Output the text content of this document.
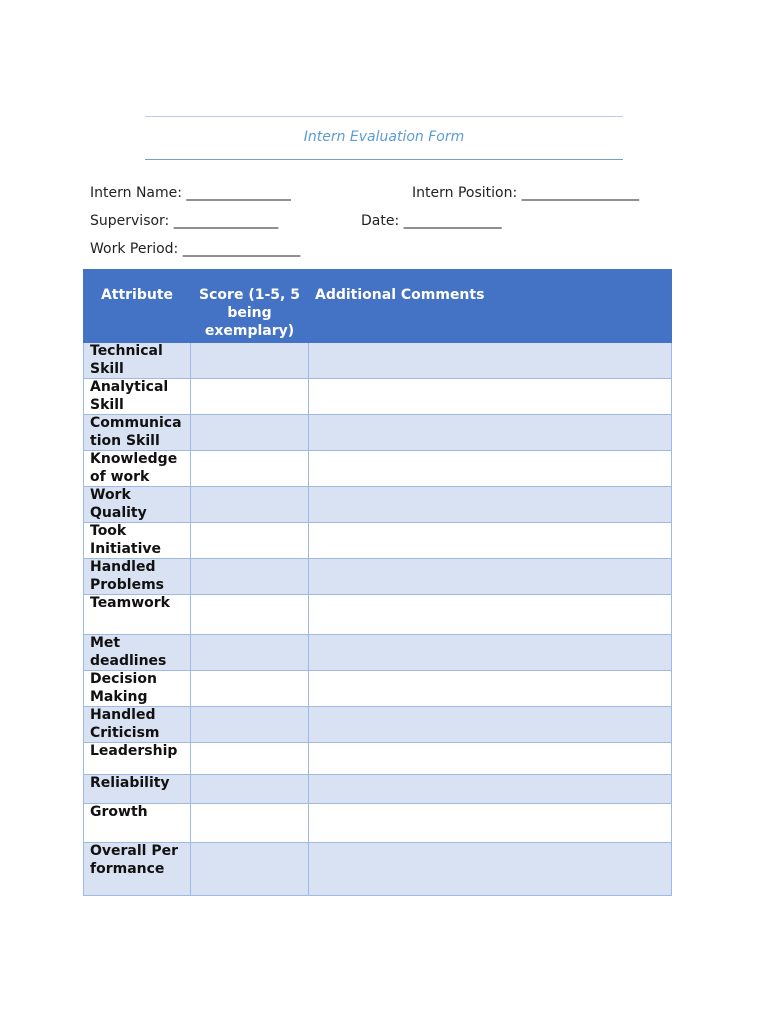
Intern Evaluation Form
Intern Name: ________________	Intern Position: __________________
Supervisor: ________________	Date: _______________
Work Period: __________________
Attribute	Score (1-5, 5 being exemplary)	Additional Comments
Technical Skill		
Analytical Skill		
Communication Skill		
Knowledge of work		
Work Quality		
Took Initiative		
Handled Problems		
Teamwork		
Met deadlines		
Decision Making		
Handled Criticism		
Leadership		
Reliability		
Growth		
Overall Performance		
